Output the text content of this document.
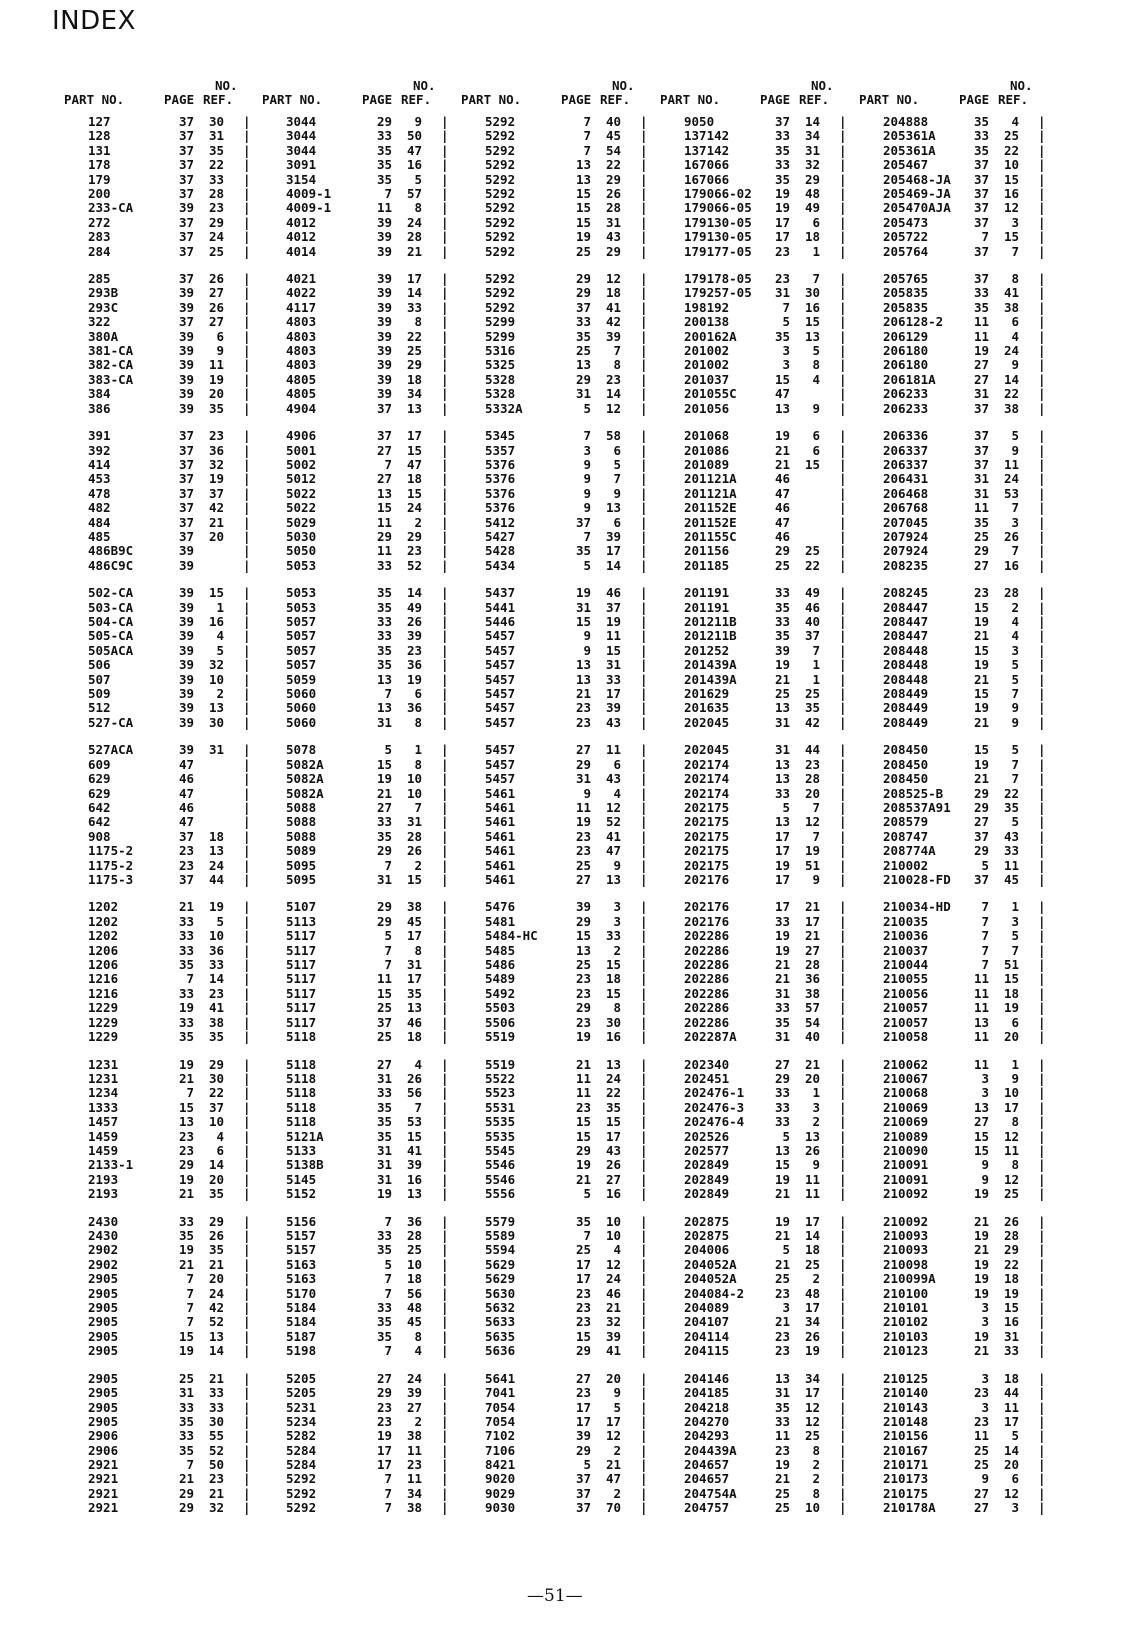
INDEX
PART NO.	PAGE
NO.
REF.
127	37	30 |
128	37	31 |
131	37	35 |
178	37	22 |
179	37	33 |
200	37	28 |
233-CA	39	23 |
272	37	29 |
283	37	24 |
284	37	25 |
285	37	26 |
293B	39	27 |
293C	39	26 |
322	37	27 |
380A	39	6 |
381-CA	39	9 |
382-CA	39	11 |
383-CA	39	19 |
384	39	20 |
386	39	35 |
391	37	23 |
392	37	36 |
414	37	32 |
453	37	19 |
478	37	37 |
482	37	42 |
484	37	21 |
485	37	20 |
486B9C	39	|
486C9C	39	|
502-CA	39	15 |
503-CA	39	1 |
504-CA	39	16 |
505-CA	39	4 |
505ACA	39	5 |
506	39	32 |
507	39	10 |
509	39	2 |
512	39	13 |
527-CA	39	30 |
527ACA	39	31 |
609	47	|
629	46	|
629	47	|
642	46	|
642	47	|
908	37	18 |
1175-2	23	13 |
1175-2	23	24 |
1175-3	37	44 |
1202	21	19 |
1202	33	5 |
1202	33	10 |
1206	33	36 |
1206	35	33 |
1216	7	14 |
1216	33	23 |
1229	19	41 |
1229	33	38 |
1229	35	35 |
1231	19	29 |
1231	21	30 |
1234	7	22 |
1333	15	37 |
1457	13	10 |
1459	23	4 |
1459	23	6 |
2133-1	29	14 |
2193	19	20 |
2193	21	35 |
2430	33	29 |
2430	35	26 |
2902	19	35 |
2902	21	21 |
2905	7	20 |
2905	7	24 |
2905	7	42 |
2905	7	52 |
2905	15	13 |
2905	19	14 |
2905	25	21 |
2905	31	33 |
2905	33	33 |
2905	35	30 |
2906	33	55 |
2906	35	52 |
2921	7	50 |
2921	21	23 |
2921	29	21 |
2921	29	32 |
PART NO.	PAGE
NO.
REF.
3044	29	9 |
3044	33	50 |
3044	35	47 |
3091	35	16 |
3154	35	5 |
4009-1	7	57 |
4009-1	11	8 |
4012	39	24 |
4012	39	28 |
4014	39	21 |
4021	39	17 |
4022	39	14 |
4117	39	33 |
4803	39	8 |
4803	39	22 |
4803	39	25 |
4803	39	29 |
4805	39	18 |
4805	39	34 |
4904	37	13 |
4906	37	17 |
5001	27	15 |
5002	7	47 |
5012	27	18 |
5022	13	15 |
5022	15	24 |
5029	11	2 |
5030	29	29 |
5050	11	23 |
5053	33	52 |
5053	35	14 |
5053	35	49 |
5057	33	26 |
5057	33	39 |
5057	35	23 |
5057	35	36 |
5059	13	19 |
5060	7	6 |
5060	13	36 |
5060	31	8 |
5078	5	1 |
5082A	15	8 |
5082A	19	10 |
5082A	21	10 |
5088	27	7 |
5088	33	31 |
5088	35	28 |
5089	29	26 |
5095	7	2 |
5095	31	15 |
5107	29	38 |
5113	29	45 |
5117	5	17 |
5117	7	8 |
5117	7	31 |
5117	11	17 |
5117	15	35 |
5117	25	13 |
5117	37	46 |
5118	25	18 |
5118	27	4 |
5118	31	26 |
5118	33	56 |
5118	35	7 |
5118	35	53 |
5121A	35	15 |
5133	31	41 |
5138B	31	39 |
5145	31	16 |
5152	19	13 |
5156	7	36 |
5157	33	28 |
5157	35	25 |
5163	5	10 |
5163	7	18 |
5170	7	56 |
5184	33	48 |
5184	35	45 |
5187	35	8 |
5198	7	4 |
5205	27	24 |
5205	29	39 |
5231	23	27 |
5234	23	2 |
5282	19	38 |
5284	17	11 |
5284	17	23 |
5292	7	11 |
5292	7	34 |
5292	7	38 |
PART NO.	PAGE
NO.
REF.
5292	7	40 |
5292	7	45 |
5292	7	54 |
5292	13	22 |
5292	13	29 |
5292	15	26 |
5292	15	28 |
5292	15	31 |
5292	19	43 |
5292	25	29 |
5292	29	12 |
5292	29	18 |
5292	37	41 |
5299	33	42 |
5299	35	39 |
5316	25	7 |
5325	13	8 |
5328	29	23 |
5328	31	14 |
5332A	5	12 |
5345	7	58 |
5357	3	6 |
5376	9	5 |
5376	9	7 |
5376	9	9 |
5376	9	13 |
5412	37	6 |
5427	7	39 |
5428	35	17 |
5434	5	14 |
5437	19	46 |
5441	31	37 |
5446	15	19 |
5457	9	11 |
5457	9	15 |
5457	13	31 |
5457	13	33 |
5457	21	17 |
5457	23	39 |
5457	23	43 |
5457	27	11 |
5457	29	6 |
5457	31	43 |
5461	9	4 |
5461	11	12 |
5461	19	52 |
5461	23	41 |
5461	23	47 |
5461	25	9 |
5461	27	13 |
5476	39	3 |
5481	29	3 |
5484-HC	15	33 |
5485	13	2 |
5486	25	15 |
5489	23	18 |
5492	23	15 |
5503	29	8 |
5506	23	30 |
5519	19	16 |
5519	21	13 |
5522	11	24 |
5523	11	22 |
5531	23	35 |
5535	15	15 |
5535	15	17 |
5545	29	43 |
5546	19	26 |
5546	21	27 |
5556	5	16 |
5579	35	10 |
5589	7	10 |
5594	25	4 |
5629	17	12 |
5629	17	24 |
5630	23	46 |
5632	23	21 |
5633	23	32 |
5635	15	39 |
5636	29	41 |
5641	27	20 |
7041	23	9 |
7054	17	5 |
7054	17	17 |
7102	39	12 |
7106	29	2 |
8421	5	21 |
9020	37	47 |
9029	37	2 |
9030	37	70 |
PART NO.	PAGE
NO.
REF.
9050	37	14 |
137142	33	34 |
137142	35	31 |
167066	33	32 |
167066	35	29 |
179066-02	19	48 |
179066-05	19	49 |
179130-05	17	6 |
179130-05	17	18 |
179177-05	23	1 |
179178-05	23	7 |
179257-05	31	30 |
198192	7	16 |
200138	5	15 |
200162A	35	13 |
201002	3	5 |
201002	3	8 |
201037	15	4 |
201055C	47	|
201056	13	9 |
201068	19	6 |
201086	21	6 |
201089	21	15 |
201121A	46	|
201121A	47	|
201152E	46	|
201152E	47	|
201155C	46	|
201156	29	25 |
201185	25	22 |
201191	33	49 |
201191	35	46 |
201211B	33	40 |
201211B	35	37 |
201252	39	7 |
201439A	19	1 |
201439A	21	1 |
201629	25	25 |
201635	13	35 |
202045	31	42 |
202045	31	44 |
202174	13	23 |
202174	13	28 |
202174	33	20 |
202175	5	7 |
202175	13	12 |
202175	17	7 |
202175	17	19 |
202175	19	51 |
202176	17	9 |
202176	17	21 |
202176	33	17 |
202286	19	21 |
202286	19	27 |
202286	21	28 |
202286	21	36 |
202286	31	38 |
202286	33	57 |
202286	35	54 |
202287A	31	40 |
202340	27	21 |
202451	29	20 |
202476-1	33	1 |
202476-3	33	3 |
202476-4	33	2 |
202526	5	13 |
202577	13	26 |
202849	15	9 |
202849	19	11 |
202849	21	11 |
202875	19	17 |
202875	21	14 |
204006	5	18 |
204052A	21	25 |
204052A	25	2 |
204084-2	23	48 |
204089	3	17 |
204107	21	34 |
204114	23	26 |
204115	23	19 |
204146	13	34 |
204185	31	17 |
204218	35	12 |
204270	33	12 |
204293	11	25 |
204439A	23	8 |
204657	19	2 |
204657	21	2 |
204754A	25	8 |
204757	25	10 |
PART NO.	PAGE
NO.
REF.
204888	35	4 |
205361A	33	25 |
205361A	35	22 |
205467	37	10 |
205468-JA	37	15 |
205469-JA	37	16 |
205470AJA	37	12 |
205473	37	3 |
205722	7	15 |
205764	37	7 |
205765	37	8 |
205835	33	41 |
205835	35	38 |
206128-2	11	6 |
206129	11	4 |
206180	19	24 |
206180	27	9 |
206181A	27	14 |
206233	31	22 |
206233	37	38 |
206336	37	5 |
206337	37	9 |
206337	37	11 |
206431	31	24 |
206468	31	53 |
206768	11	7 |
207045	35	3 |
207924	25	26 |
207924	29	7 |
208235	27	16 |
208245	23	28 |
208447	15	2 |
208447	19	4 |
208447	21	4 |
208448	15	3 |
208448	19	5 |
208448	21	5 |
208449	15	7 |
208449	19	9 |
208449	21	9 |
208450	15	5 |
208450	19	7 |
208450	21	7 |
208525-B	29	22 |
208537A91	29	35 |
208579	27	5 |
208747	37	43 |
208774A	29	33 |
210002	5	11 |
210028-FD	37	45 |
210034-HD	7	1 |
210035	7	3 |
210036	7	5 |
210037	7	7 |
210044	7	51 |
210055	11	15 |
210056	11	18 |
210057	11	19 |
210057	13	6 |
210058	11	20 |
210062	11	1 |
210067	3	9 |
210068	3	10 |
210069	13	17 |
210069	27	8 |
210089	15	12 |
210090	15	11 |
210091	9	8 |
210091	9	12 |
210092	19	25 |
210092	21	26 |
210093	19	28 |
210093	21	29 |
210098	19	22 |
210099A	19	18 |
210100	19	19 |
210101	3	15 |
210102	3	16 |
210103	19	31 |
210123	21	33 |
210125	3	18 |
210140	23	44 |
210143	3	11 |
210148	23	17 |
210156	11	5 |
210167	25	14 |
210171	25	20 |
210173	9	6 |
210175	27	12 |
210178A	27	3 |
—51—
